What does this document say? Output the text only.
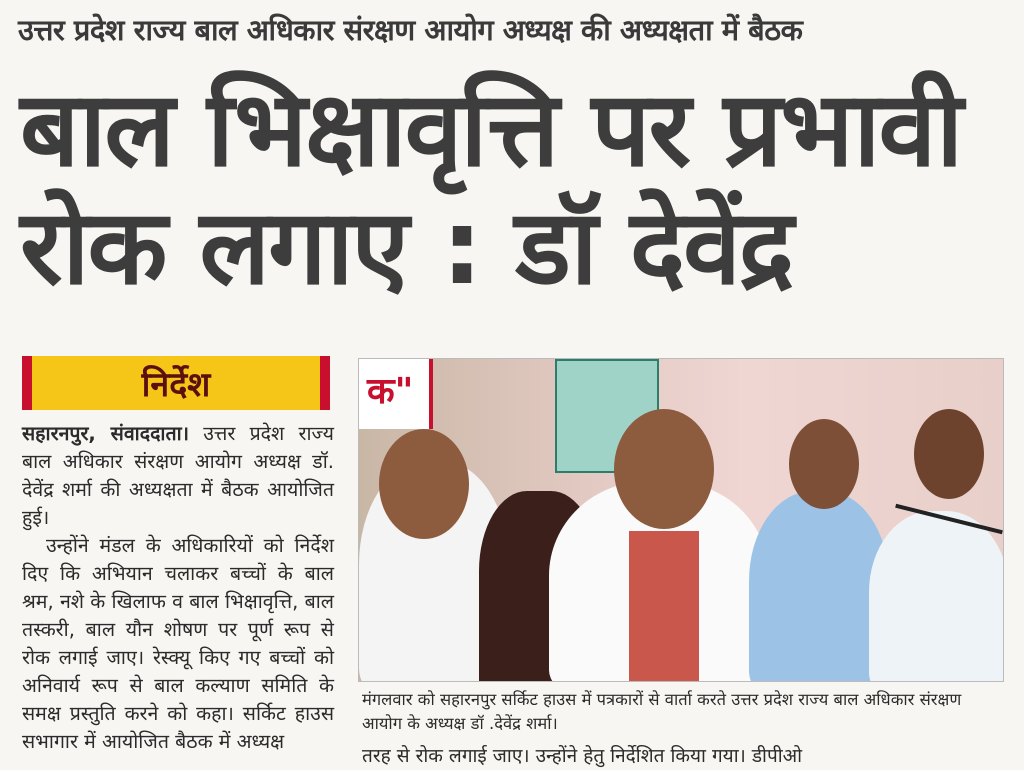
उत्तर प्रदेश राज्य बाल अधिकार संरक्षण आयोग अध्यक्ष की अध्यक्षता में बैठक
बाल भिक्षावृत्ति पर प्रभावी
रोक लगाए : डॉ देवेंद्र
निर्देश

सहारनपुर, संवाददाता। उत्तर प्रदेश राज्य बाल अधिकार संरक्षण आयोग अध्यक्ष डॉ. देवेंद्र शर्मा की अध्यक्षता में बैठक आयोजित हुई।

उन्होंने मंडल के अधिकारियों को निर्देश दिए कि अभियान चलाकर बच्चों के बाल श्रम, नशे के खिलाफ व बाल भिक्षावृत्ति, बाल तस्करी, बाल यौन शोषण पर पूर्ण रूप से रोक लगाई जाए। रेस्क्यू किए गए बच्चों को अनिवार्य रूप से बाल कल्याण समिति के समक्ष प्रस्तुति करने को कहा। सर्किट हाउस सभागार में आयोजित बैठक में अध्यक्ष

क"
मंगलवार को सहारनपुर सर्किट हाउस में पत्रकारों से वार्ता करते उत्तर प्रदेश राज्य बाल अधिकार संरक्षण आयोग के अध्यक्ष डॉ .देवेंद्र शर्मा।
तरह से रोक लगाई जाए। उन्होंने हेतु निर्देशित किया गया। डीपीओ
